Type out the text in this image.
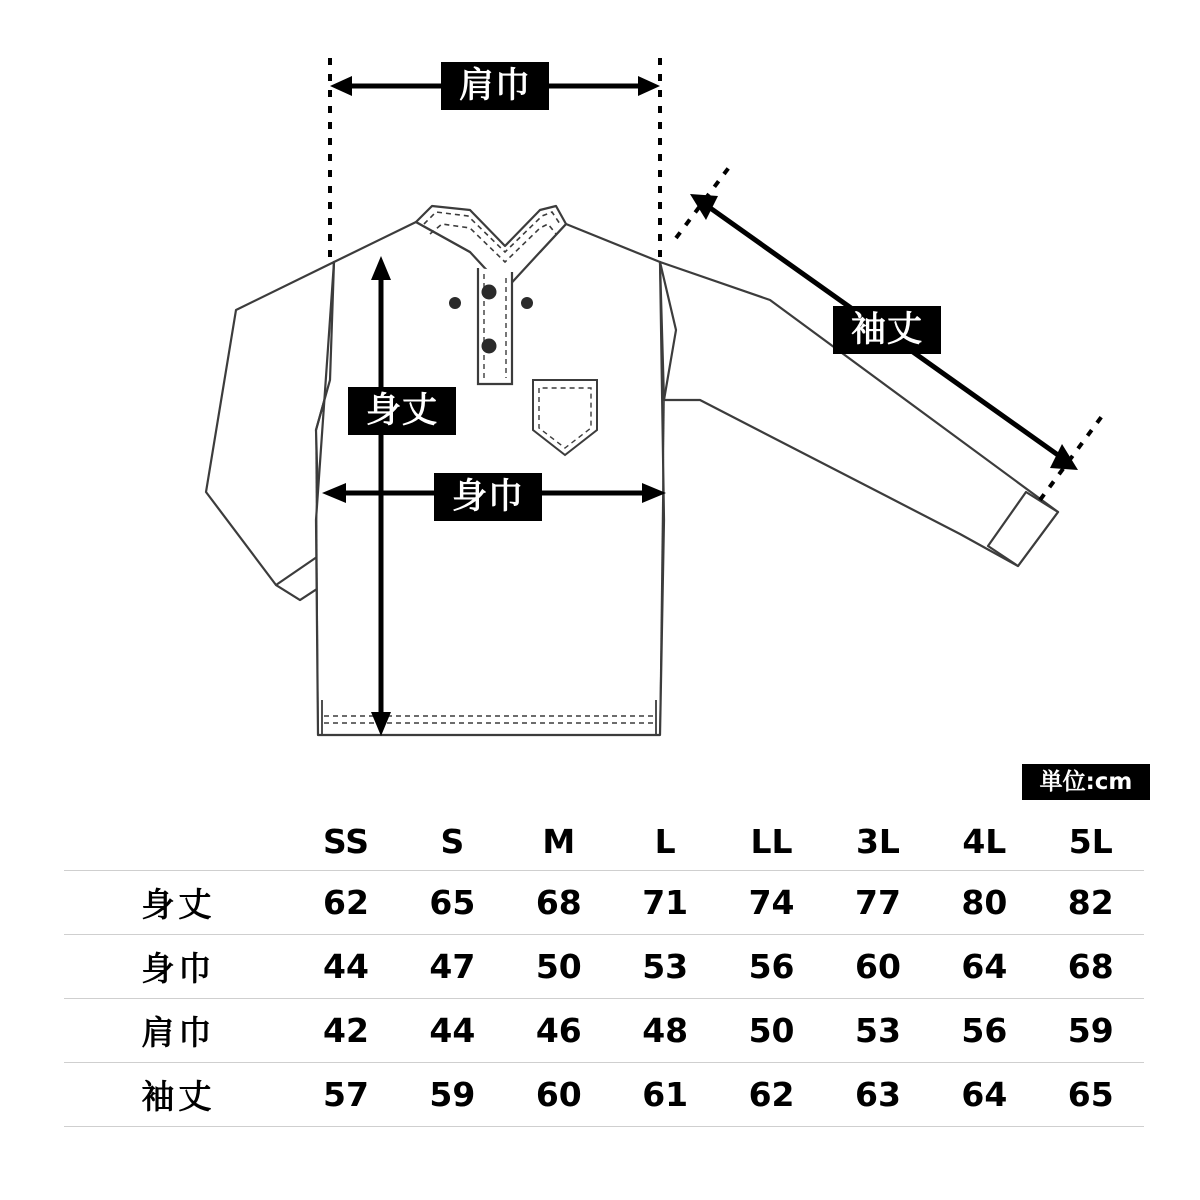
肩巾
袖丈
身丈
身巾
単位:cm
	SS	S	M	L	LL	3L	4L	5L
身丈	62	65	68	71	74	77	80	82
身巾	44	47	50	53	56	60	64	68
肩巾	42	44	46	48	50	53	56	59
袖丈	57	59	60	61	62	63	64	65
